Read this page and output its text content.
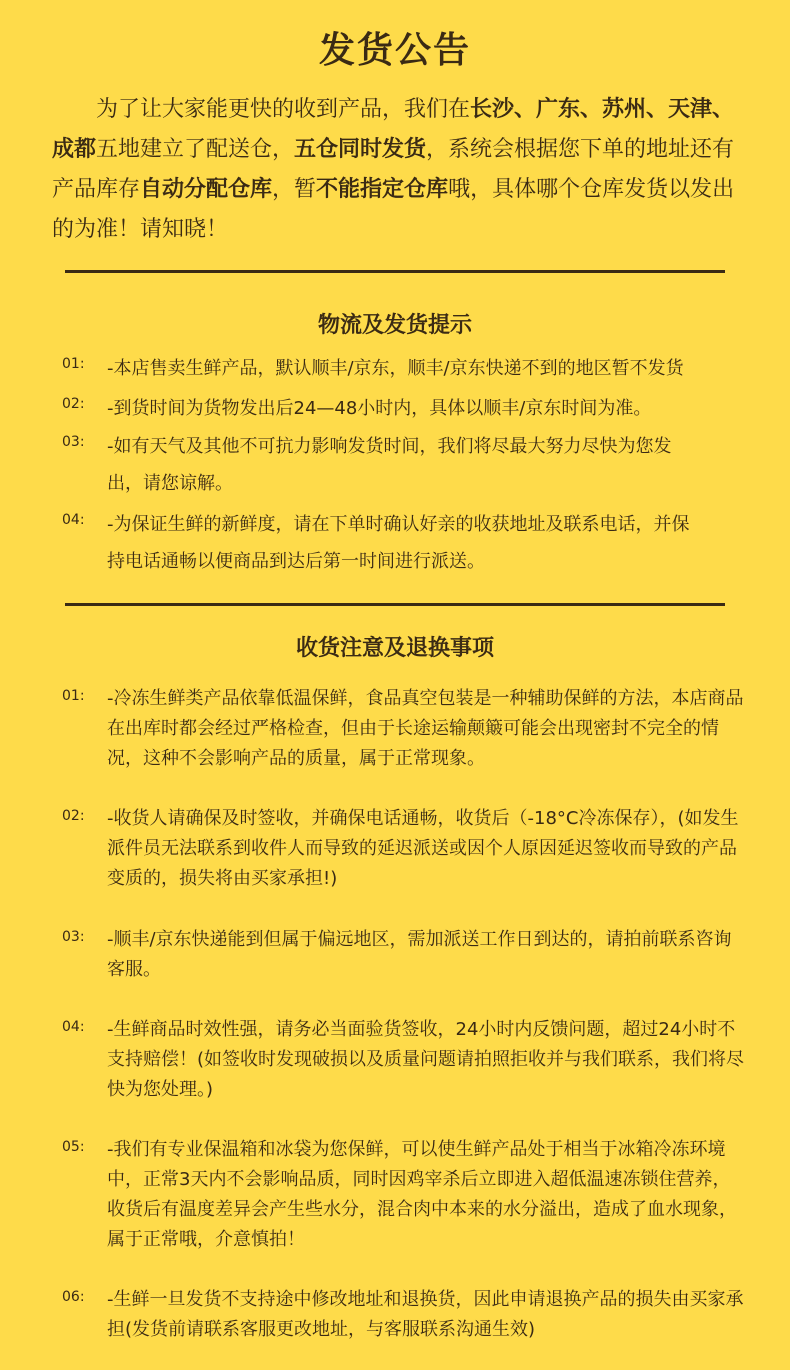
发货公告

为了让大家能更快的收到产品，我们在长沙、广东、苏州、天津、成都五地建立了配送仓，五仓同时发货，系统会根据您下单的地址还有产品库存自动分配仓库，暂不能指定仓库哦，具体哪个仓库发货以发出的为准！请知晓！

物流及发货提示
01: -本店售卖生鲜产品，默认顺丰/京东，顺丰/京东快递不到的地区暂不发货
02: -到货时间为货物发出后24—48小时内，具体以顺丰/京东时间为准。
03: -如有天气及其他不可抗力影响发货时间，我们将尽最大努力尽快为您发出，请您谅解。
04: -为保证生鲜的新鲜度，请在下单时确认好亲的收获地址及联系电话，并保持电话通畅以便商品到达后第一时间进行派送。
收货注意及退换事项
01: -冷冻生鲜类产品依靠低温保鲜，食品真空包装是一种辅助保鲜的方法，本店商品在出库时都会经过严格检查，但由于长途运输颠簸可能会出现密封不完全的情况，这种不会影响产品的质量，属于正常现象。
02: -收货人请确保及时签收，并确保电话通畅，收货后（-18°C冷冻保存），(如发生派件员无法联系到收件人而导致的延迟派送或因个人原因延迟签收而导致的产品变质的，损失将由买家承担!)
03: -顺丰/京东快递能到但属于偏远地区，需加派送工作日到达的，请拍前联系咨询客服。
04: -生鲜商品时效性强，请务必当面验货签收，24小时内反馈问题，超过24小时不支持赔偿！(如签收时发现破损以及质量问题请拍照拒收并与我们联系，我们将尽快为您处理。)
05: -我们有专业保温箱和冰袋为您保鲜，可以使生鲜产品处于相当于冰箱冷冻环境中，正常3天内不会影响品质，同时因鸡宰杀后立即进入超低温速冻锁住营养，收货后有温度差异会产生些水分，混合肉中本来的水分溢出，造成了血水现象，属于正常哦，介意慎拍！
06: -生鲜一旦发货不支持途中修改地址和退换货，因此申请退换产品的损失由买家承担(发货前请联系客服更改地址，与客服联系沟通生效)
